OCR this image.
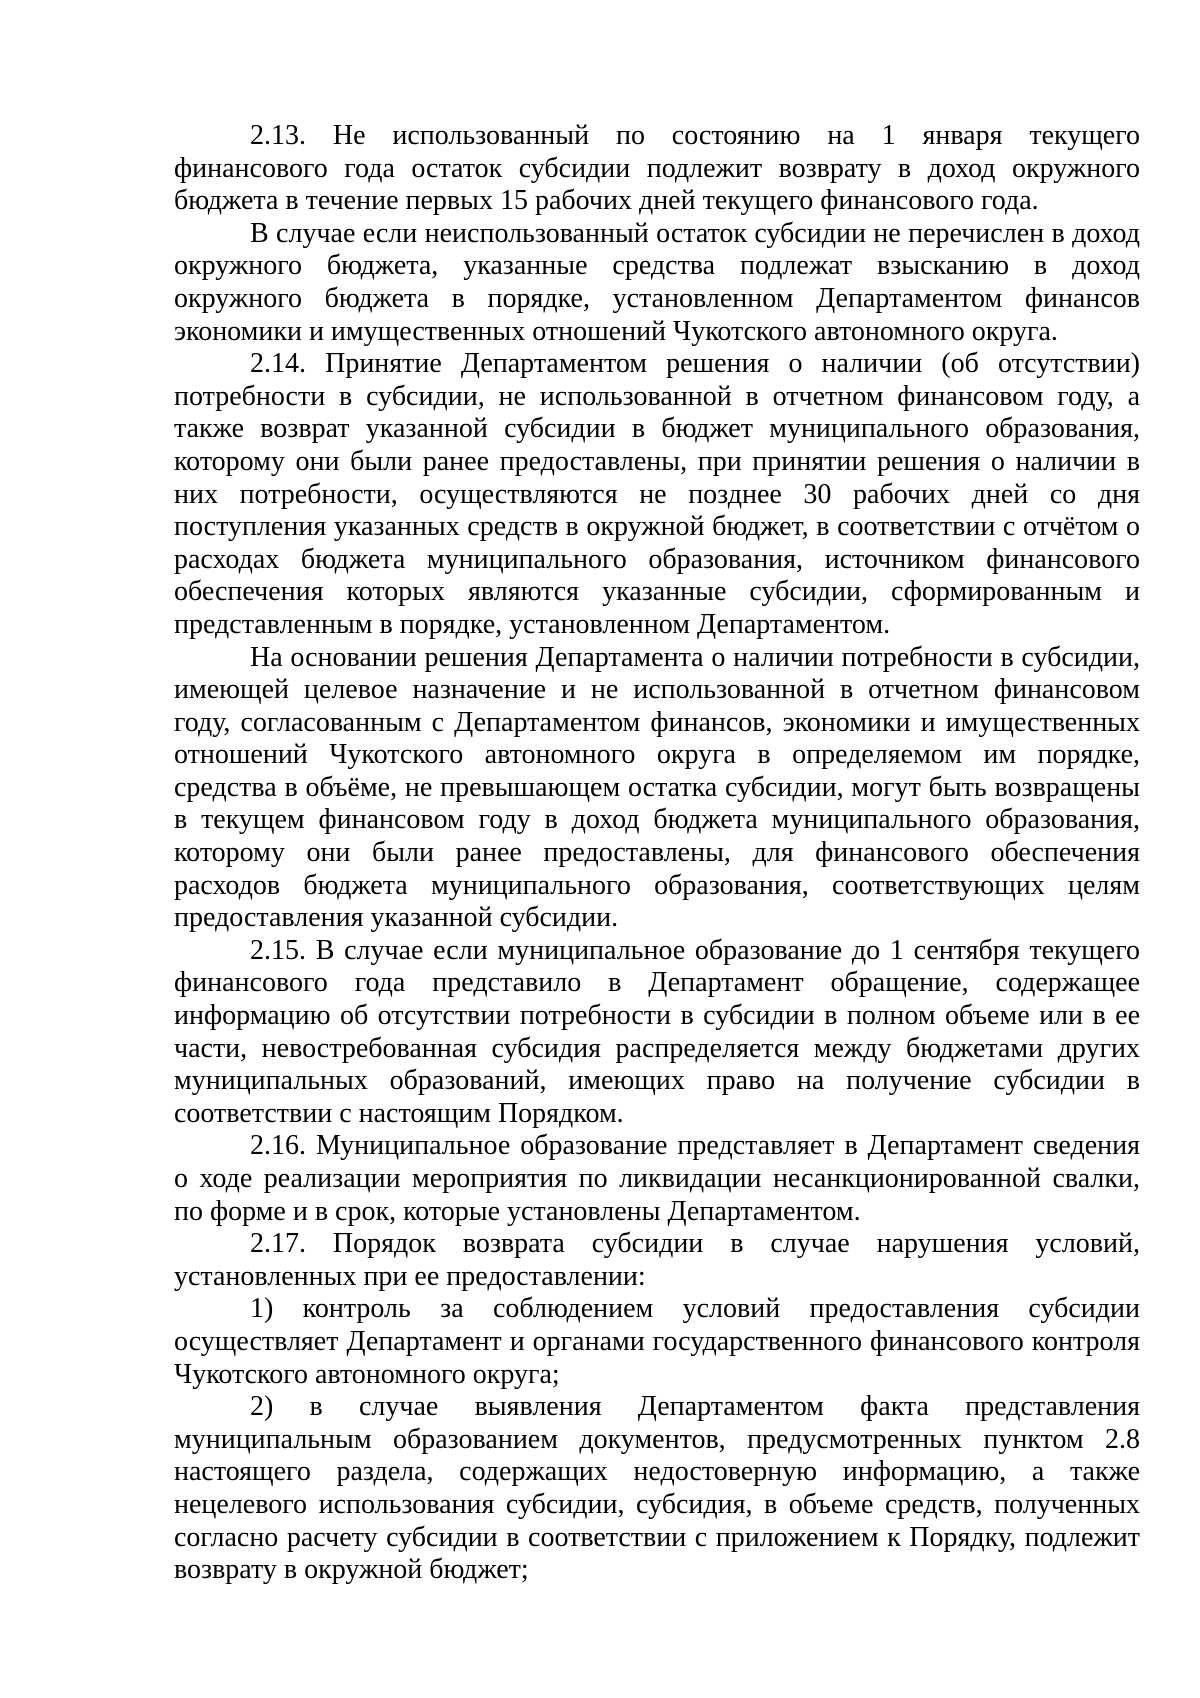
2.13. Не использованный по состоянию на 1 января текущего финансового года остаток субсидии подлежит возврату в доход окружного бюджета в течение первых 15 рабочих дней текущего финансового года.

В случае если неиспользованный остаток субсидии не перечислен в доход окружного бюджета, указанные средства подлежат взысканию в доход окружного бюджета в порядке, установленном Департаментом финансов экономики и имущественных отношений Чукотского автономного округа.

2.14. Принятие Департаментом решения о наличии (об отсутствии) потребности в субсидии, не использованной в отчетном финансовом году, а также возврат указанной субсидии в бюджет муниципального образования, которому они были ранее предоставлены, при принятии решения о наличии в них потребности, осуществляются не позднее 30 рабочих дней со дня поступления указанных средств в окружной бюджет, в соответствии с отчётом о расходах бюджета муниципального образования, источником финансового обеспечения которых являются указанные субсидии, сформированным и представленным в порядке, установленном Департаментом.

На основании решения Департамента о наличии потребности в субсидии, имеющей целевое назначение и не использованной в отчетном финансовом году, согласованным с Департаментом финансов, экономики и имущественных отношений Чукотского автономного округа в определяемом им порядке, средства в объёме, не превышающем остатка субсидии, могут быть возвращены в текущем финансовом году в доход бюджета муниципального образования, которому они были ранее предоставлены, для финансового обеспечения расходов бюджета муниципального образования, соответствующих целям предоставления указанной субсидии.

2.15. В случае если муниципальное образование до 1 сентября текущего финансового года представило в Департамент обращение, содержащее информацию об отсутствии потребности в субсидии в полном объеме или в ее части, невостребованная субсидия распределяется между бюджетами других муниципальных образований, имеющих право на получение субсидии в соответствии с настоящим Порядком.

2.16. Муниципальное образование представляет в Департамент сведения о ходе реализации мероприятия по ликвидации несанкционированной свалки, по форме и в срок, которые установлены Департаментом.

2.17. Порядок возврата субсидии в случае нарушения условий, установленных при ее предоставлении:

1) контроль за соблюдением условий предоставления субсидии осуществляет Департамент и органами государственного финансового контроля Чукотского автономного округа;

2) в случае выявления Департаментом факта представления муниципальным образованием документов, предусмотренных пунктом 2.8 настоящего раздела, содержащих недостоверную информацию, а также нецелевого использования субсидии, субсидия, в объеме средств, полученных согласно расчету субсидии в соответствии с приложением к Порядку, подлежит возврату в окружной бюджет;
